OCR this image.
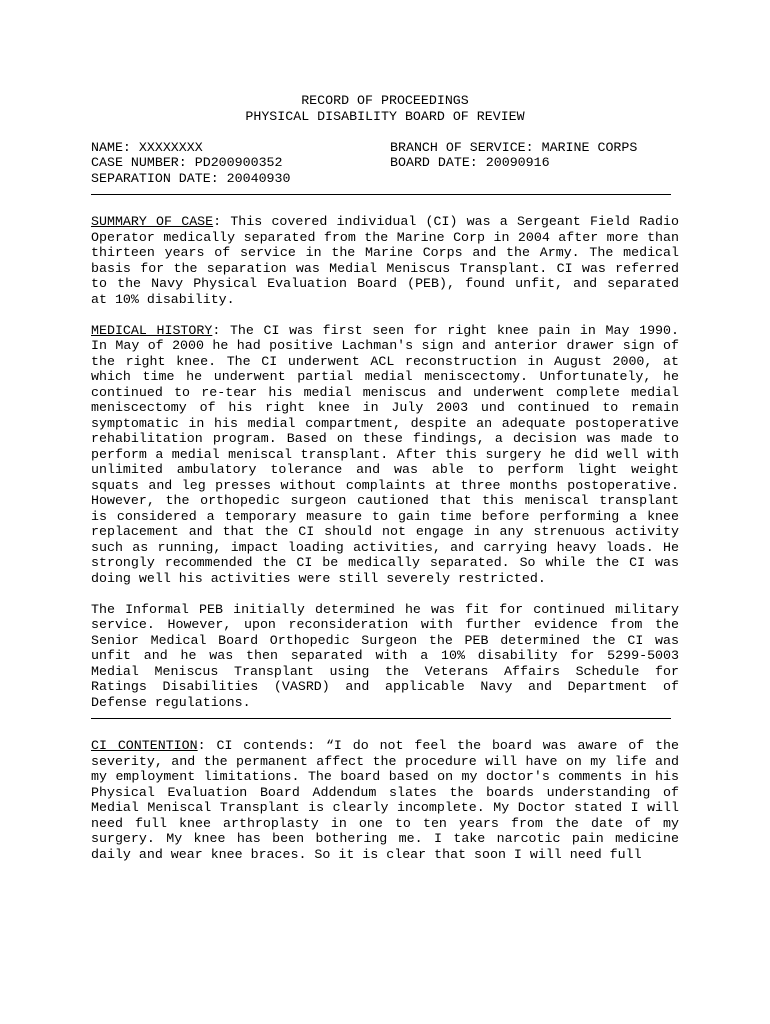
RECORD OF PROCEEDINGS
PHYSICAL DISABILITY BOARD OF REVIEW
NAME: XXXXXXXX
CASE NUMBER: PD200900352
SEPARATION DATE: 20040930
BRANCH OF SERVICE: MARINE CORPS
BOARD DATE: 20090916

SUMMARY OF CASE: This covered individual (CI) was a Sergeant Field Radio Operator medically separated from the Marine Corp in 2004 after more than thirteen years of service in the Marine Corps and the Army. The medical basis for the separation was Medial Meniscus Transplant. CI was referred to the Navy Physical Evaluation Board (PEB), found unfit, and separated at 10% disability.

MEDICAL HISTORY: The CI was first seen for right knee pain in May 1990. In May of 2000 he had positive Lachman's sign and anterior drawer sign of the right knee. The CI underwent ACL reconstruction in August 2000, at which time he underwent partial medial meniscectomy. Unfortunately, he continued to re-tear his medial meniscus and underwent complete medial meniscectomy of his right knee in July 2003 und continued to remain symptomatic in his medial compartment, despite an adequate postoperative rehabilitation program. Based on these findings, a decision was made to perform a medial meniscal transplant. After this surgery he did well with unlimited ambulatory tolerance and was able to perform light weight squats and leg presses without complaints at three months postoperative. However, the orthopedic surgeon cautioned that this meniscal transplant is considered a temporary measure to gain time before performing a knee replacement and that the CI should not engage in any strenuous activity such as running, impact loading activities, and carrying heavy loads. He strongly recommended the CI be medically separated. So while the CI was doing well his activities were still severely restricted.

The Informal PEB initially determined he was fit for continued military service. However, upon reconsideration with further evidence from the Senior Medical Board Orthopedic Surgeon the PEB determined the CI was unfit and he was then separated with a 10% disability for 5299-5003 Medial Meniscus Transplant using the Veterans Affairs Schedule for Ratings Disabilities (VASRD) and applicable Navy and Department of Defense regulations.

CI CONTENTION: CI contends: “I do not feel the board was aware of the severity, and the permanent affect the procedure will have on my life and my employment limitations. The board based on my doctor's comments in his Physical Evaluation Board Addendum slates the boards understanding of Medial Meniscal Transplant is clearly incomplete. My Doctor stated I will need full knee arthroplasty in one to ten years from the date of my surgery. My knee has been bothering me. I take narcotic pain medicine daily and wear knee braces. So it is clear that soon I will need full
